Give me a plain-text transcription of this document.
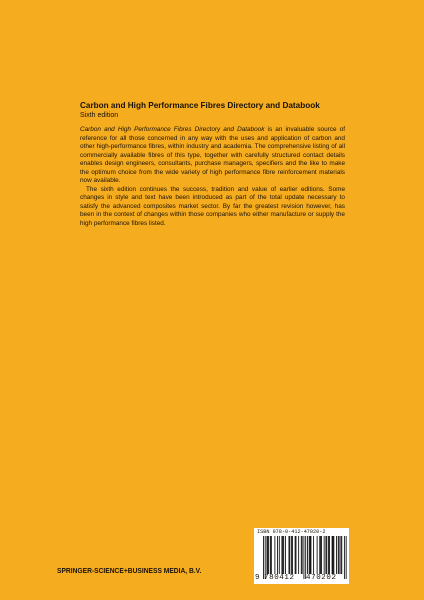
Carbon and High Performance Fibres Directory and Databook
Sixth edition

Carbon and High Performance Fibres Directory and Databook is an invaluable source of reference for all those concerned in any way with the uses and application of carbon and other high-performance fibres, within industry and academia. The comprehensive listing of all commercially available fibres of this type, together with carefully structured contact details enables design engineers, consultants, purchase managers, specifiers and the like to make the optimum choice from the wide variety of high performance fibre reinforcement materials now available.

The sixth edition continues the success, tradition and value of earlier editions. Some changes in style and text have been introduced as part of the total update necessary to satisfy the advanced composites market sector. By far the greatest revision however, has been in the context of changes within those companies who either manufacture or supply the high performance fibres listed.

SPRINGER-SCIENCE+BUSINESS MEDIA, B.V.
ISBN 978-0-412-47020-2
9 780412 470202
